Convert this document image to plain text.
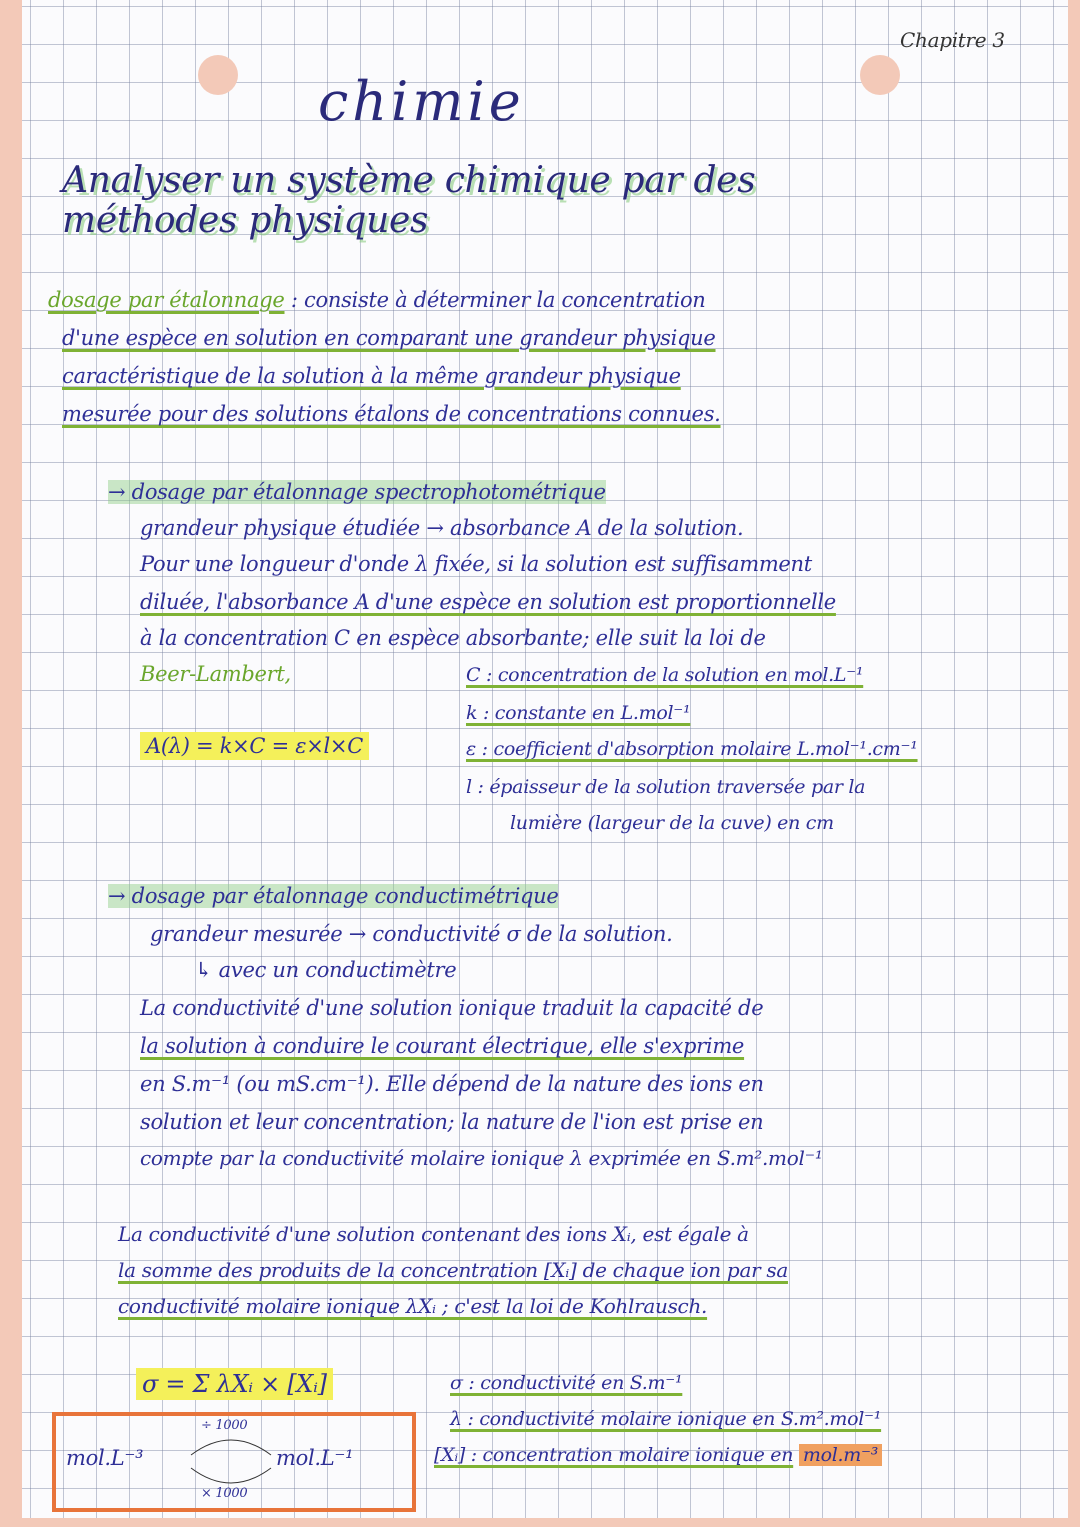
Chapitre 3
chimie
Analyser un système chimique par des
méthodes physiques
dosage par étalonnage : consiste à déterminer la concentration
d'une espèce en solution en comparant une grandeur physique
caractéristique de la solution à la même grandeur physique
mesurée pour des solutions étalons de concentrations connues.
→ dosage par étalonnage spectrophotométrique
grandeur physique étudiée → absorbance A de la solution.
Pour une longueur d'onde λ fixée, si la solution est suffisamment
diluée, l'absorbance A d'une espèce en solution est proportionnelle
à la concentration C en espèce absorbante; elle suit la loi de
Beer-Lambert,
A(λ) = k×C = ε×l×C
C : concentration de la solution en mol.L⁻¹
k : constante en L.mol⁻¹
ε : coefficient d'absorption molaire L.mol⁻¹.cm⁻¹
l : épaisseur de la solution traversée par la
lumière (largeur de la cuve) en cm
→ dosage par étalonnage conductimétrique
grandeur mesurée → conductivité σ de la solution.
↳ avec un conductimètre
La conductivité d'une solution ionique traduit la capacité de
la solution à conduire le courant électrique, elle s'exprime
en S.m⁻¹ (ou mS.cm⁻¹). Elle dépend de la nature des ions en
solution et leur concentration; la nature de l'ion est prise en
compte par la conductivité molaire ionique λ exprimée en S.m².mol⁻¹
La conductivité d'une solution contenant des ions Xᵢ, est égale à
la somme des produits de la concentration [Xᵢ] de chaque ion par sa
conductivité molaire ionique λXᵢ ; c'est la loi de Kohlrausch.
σ = Σ λXᵢ × [Xᵢ]
mol.L⁻³	mol.L⁻¹
÷ 1000
× 1000
σ : conductivité en S.m⁻¹
λ : conductivité molaire ionique en S.m².mol⁻¹
[Xᵢ] : concentration molaire ionique en mol.m⁻³
